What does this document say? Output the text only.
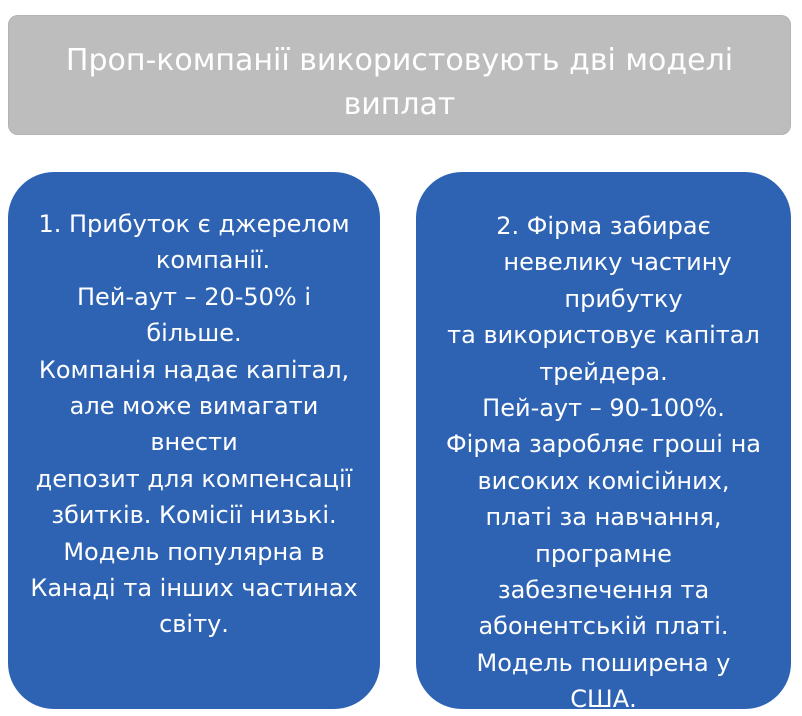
Проп-компанії використовують дві моделі
виплат
1. Прибуток є джерелом
компанії.
Пей-аут – 20-50% і
більше.
Компанія надає капітал,
але може вимагати
внести
депозит для компенсації
збитків. Комісії низькі.
Модель популярна в
Канаді та інших частинах
світу.
2. Фірма забирає
невелику частину
прибутку
та використовує капітал
трейдера.
Пей-аут – 90-100%.
Фірма заробляє гроші на
високих комісійних,
платі за навчання,
програмне
забезпечення та
абонентській платі.
Модель поширена у
США.
